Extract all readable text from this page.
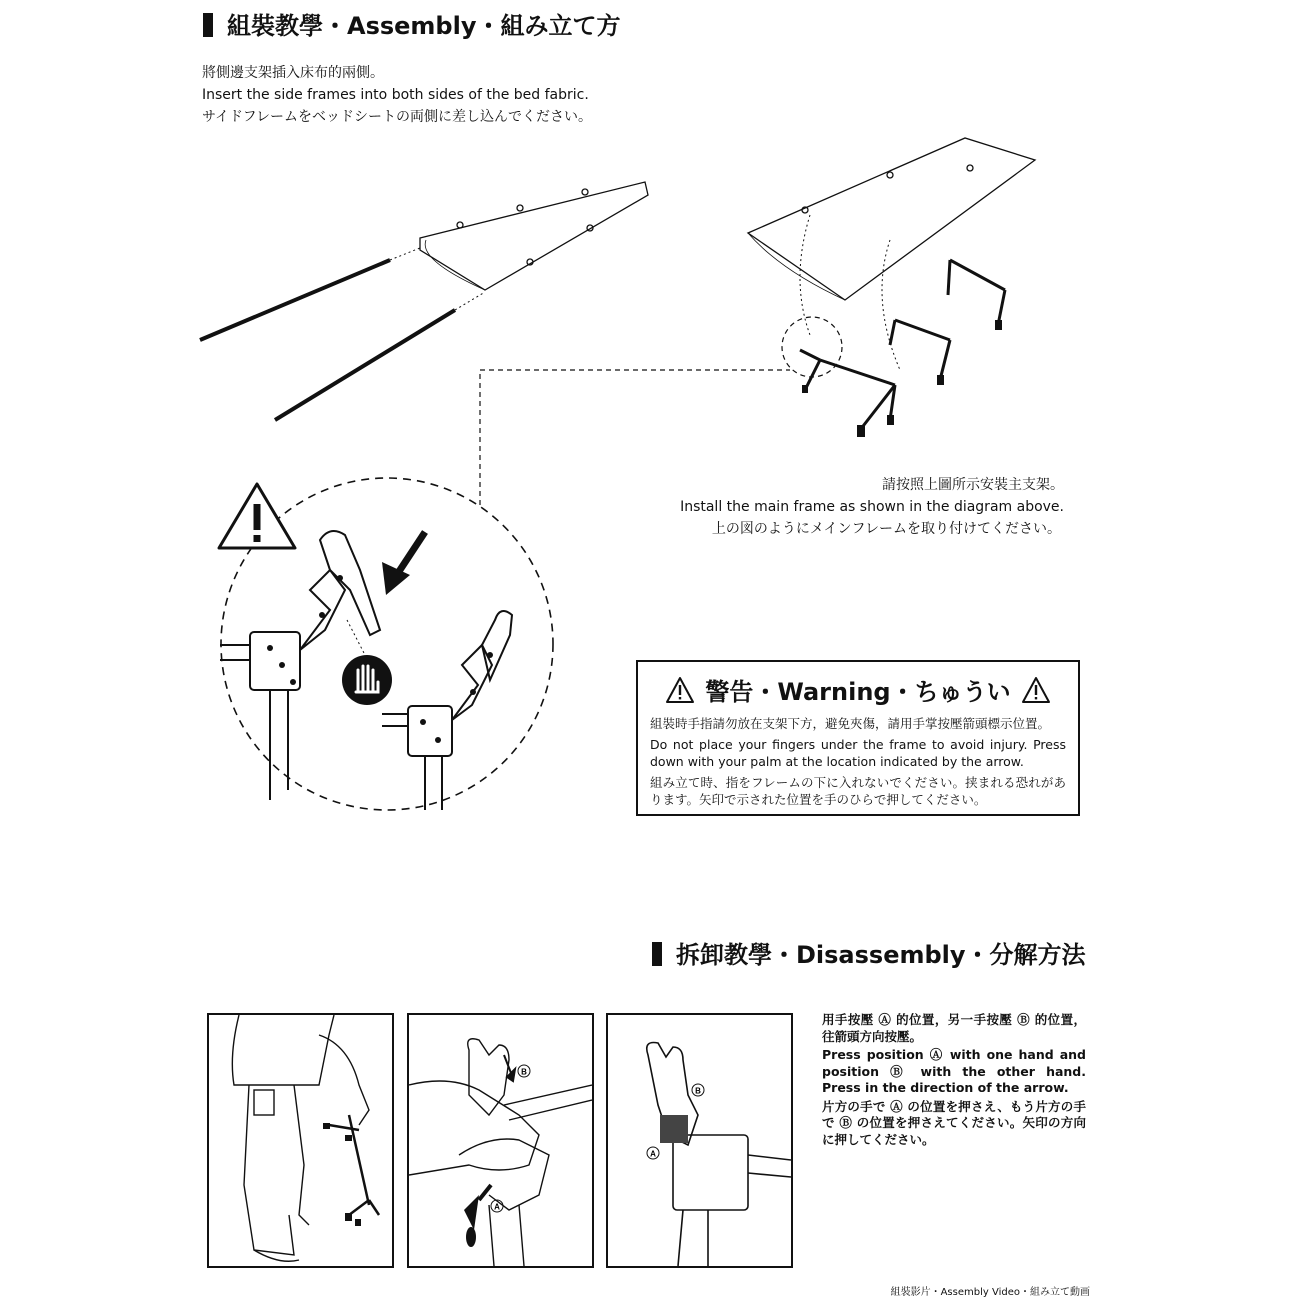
組裝教學・Assembly・組み立て方
將側邊支架插入床布的兩側。
Insert the side frames into both sides of the bed fabric.
サイドフレームをベッドシートの両側に差し込んでください。
請按照上圖所示安裝主支架。
Install the main frame as shown in the diagram above.
上の図のようにメインフレームを取り付けてください。
警告・Warning・ちゅうい
組裝時手指請勿放在支架下方，避免夾傷，請用手掌按壓箭頭標示位置。
Do not place your fingers under the frame to avoid injury. Press down with your palm at the location indicated by the arrow.
組み立て時、指をフレームの下に入れないでください。挟まれる恐れがあります。矢印で示された位置を手のひらで押してください。
拆卸教學・Disassembly・分解方法
B
A
B
A
用手按壓 Ⓐ 的位置，另一手按壓 Ⓑ 的位置，往箭頭方向按壓。
Press position Ⓐ with one hand and position Ⓑ with the other hand. Press in the direction of the arrow.
片方の手で Ⓐ の位置を押さえ、もう片方の手で Ⓑ の位置を押さえてください。矢印の方向に押してください。
組裝影片・Assembly Video・組み立て動画
